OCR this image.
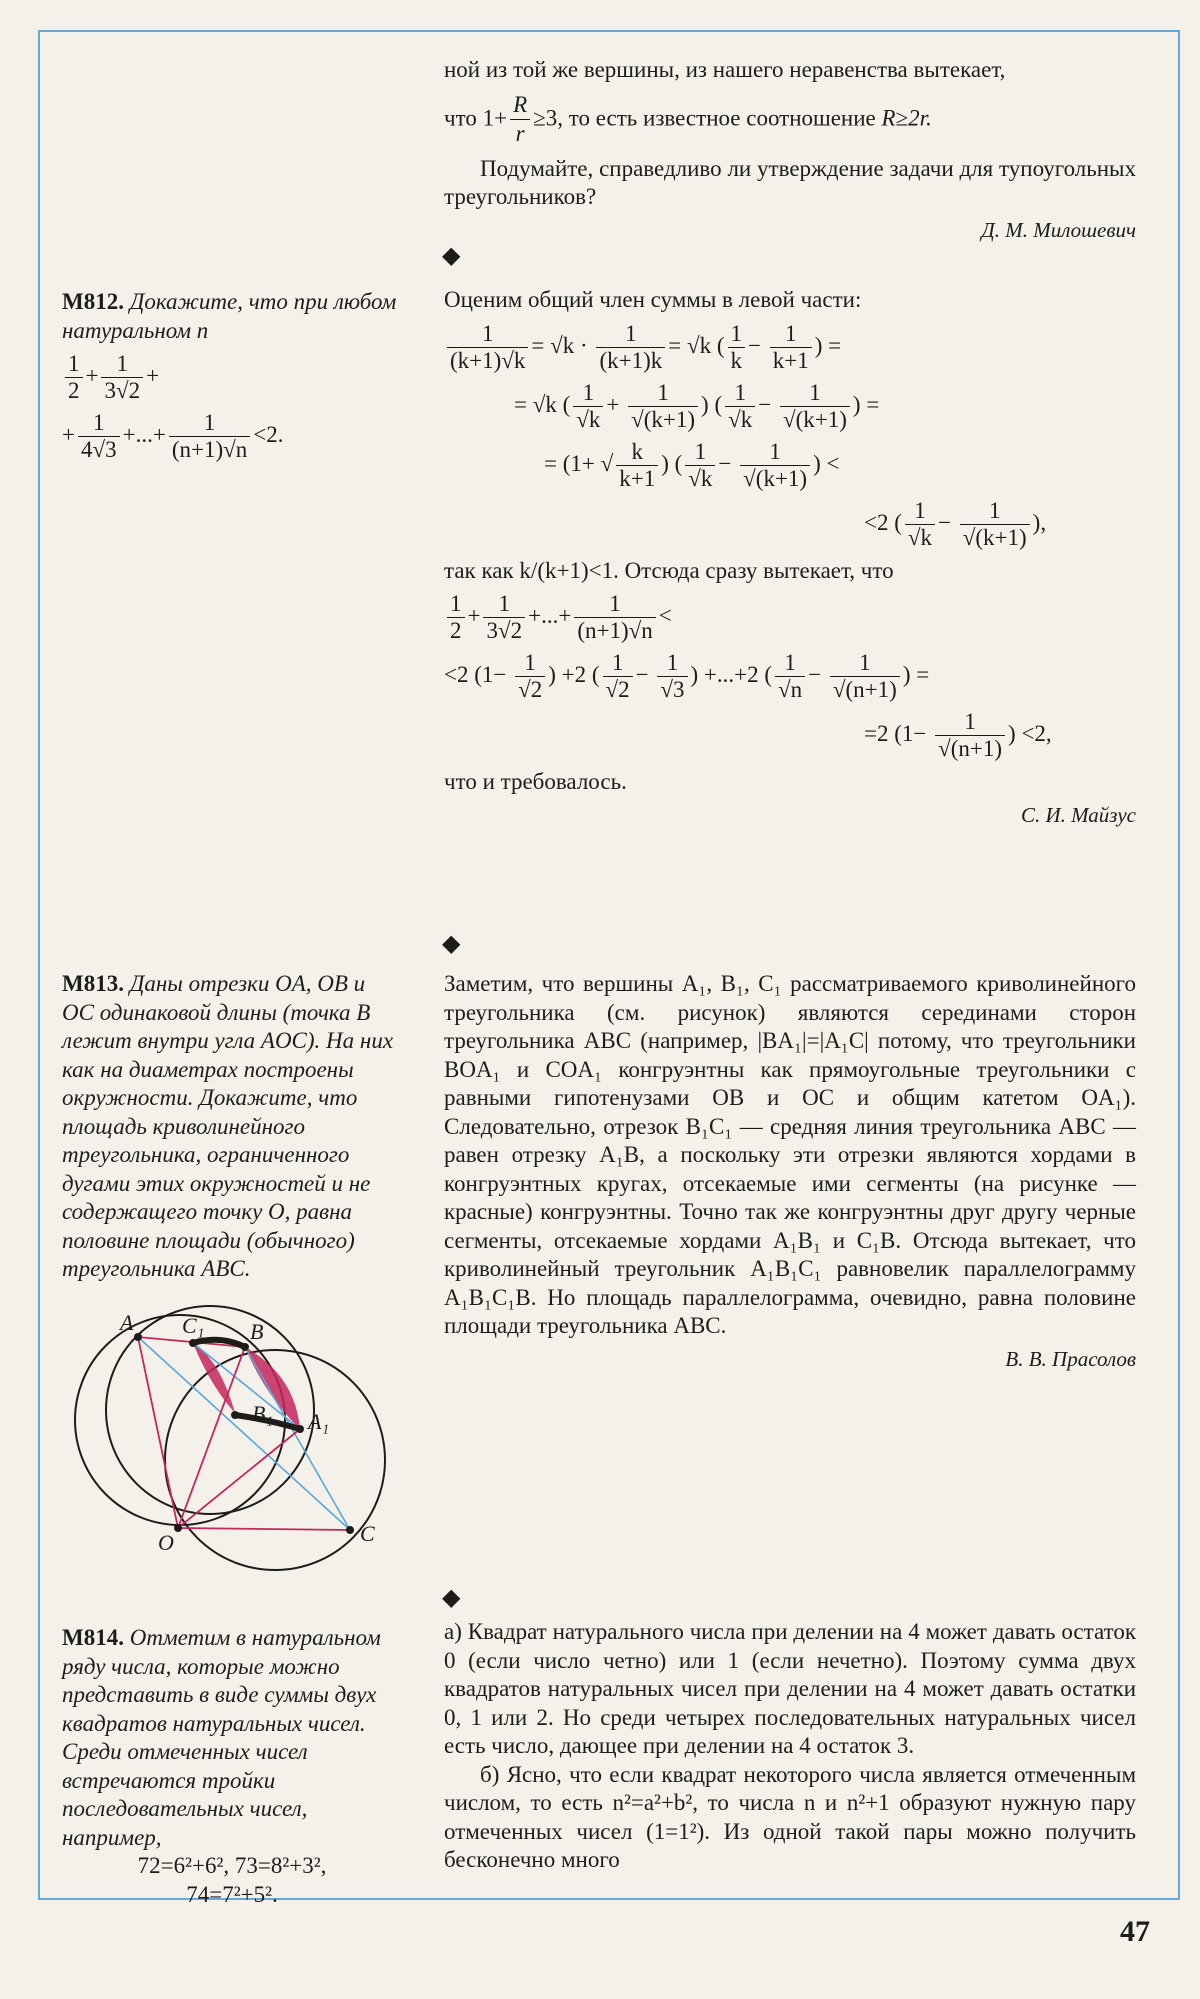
ной из той же вершины, из нашего неравенства вытекает,
что $1+ \frac{R}{r} \ge 3$, то есть известное соотношение R≥2r.
Подумайте, справедливо ли утверждение задачи для тупоугольных треугольников?
Д. М. Милошевич
◆
М812. Докажите, что при любом натуральном n
$\frac{1}{2} + \frac{1}{3√2}$ +
+ $\frac{1}{4√3}$ +...+ $\frac{1}{(n+1)√n} <2$.
Оценим общий член суммы в левой части:
$\frac{1}{(k+1)√k} = √k \cdot \frac{1}{(k+1)k} = √k$ ( $\frac{1}{k} - \frac{1}{k+1}$ ) =
= √k ( $\frac{1}{√k} + \frac{1}{√(k+1)}$ ) ( $\frac{1}{√k} - \frac{1}{√(k+1)}$ ) =
= (1+ √ $\frac{k}{k+1}$ ) ( $\frac{1}{√k} - \frac{1}{√(k+1)}$ ) <
<2 ( $\frac{1}{√k} - \frac{1}{√(k+1)}$ ),
так как k/(k+1)<1. Отсюда сразу вытекает, что
$\frac{1}{2} + \frac{1}{3√2}$ +...+ $\frac{1}{(n+1)√n}$ <
<2 ($1- \frac{1}{√2}$ ) +2 ( $\frac{1}{√2} - \frac{1}{√3}$ ) +...+2 ( $\frac{1}{√n} - \frac{1}{√(n+1)}$ ) =
=2 ($1- \frac{1}{√(n+1)}$ ) <2,
что и требовалось.
С. И. Майзус
◆
М813. Даны отрезки OA, OB и OC одинаковой длины (точка B лежит внутри угла AOC). На них как на диаметрах построены окружности. Докажите, что площадь криволинейного треугольника, ограниченного дугами этих окружностей и не содержащего точку O, равна половине площади (обычного) треугольника ABC.
Заметим, что вершины A₁, B₁, C₁ рассматриваемого криволинейного треугольника (см. рисунок) являются серединами сторон треугольника ABC (например, |BA₁|=|A₁C| потому, что треугольники BOA₁ и COA₁ конгруэнтны как прямоугольные треугольники с равными гипотенузами OB и OC и общим катетом OA₁). Следовательно, отрезок B₁C₁ — средняя линия треугольника ABC — равен отрезку A₁B, а поскольку эти отрезки являются хордами в конгруэнтных кругах, отсекаемые ими сегменты (на рисунке — красные) конгруэнтны. Точно так же конгруэнтны друг другу черные сегменты, отсекаемые хордами A₁B₁ и C₁B. Отсюда вытекает, что криволинейный треугольник A₁B₁C₁ равновелик параллелограмму A₁B₁C₁B. Но площадь параллелограмма, очевидно, равна половине площади треугольника ABC.
В. В. Прасолов
A C₁ B
B₁ A₁
O	C
◆
М814. Отметим в натуральном ряду числа, которые можно представить в виде суммы двух квадратов натуральных чисел. Среди отмеченных чисел встречаются тройки последовательных чисел, например,
72=6²+6², 73=8²+3²,
74=7²+5².
а) Квадрат натурального числа при делении на 4 может давать остаток 0 (если число четно) или 1 (если нечетно). Поэтому сумма двух квадратов натуральных чисел при делении на 4 может давать остатки 0, 1 или 2. Но среди четырех последовательных натуральных чисел есть число, дающее при делении на 4 остаток 3.
б) Ясно, что если квадрат некоторого числа является отмеченным числом, то есть n²=a²+b², то числа n и n²+1 образуют нужную пару отмеченных чисел (1=1²). Из одной такой пары можно получить бесконечно много
47
